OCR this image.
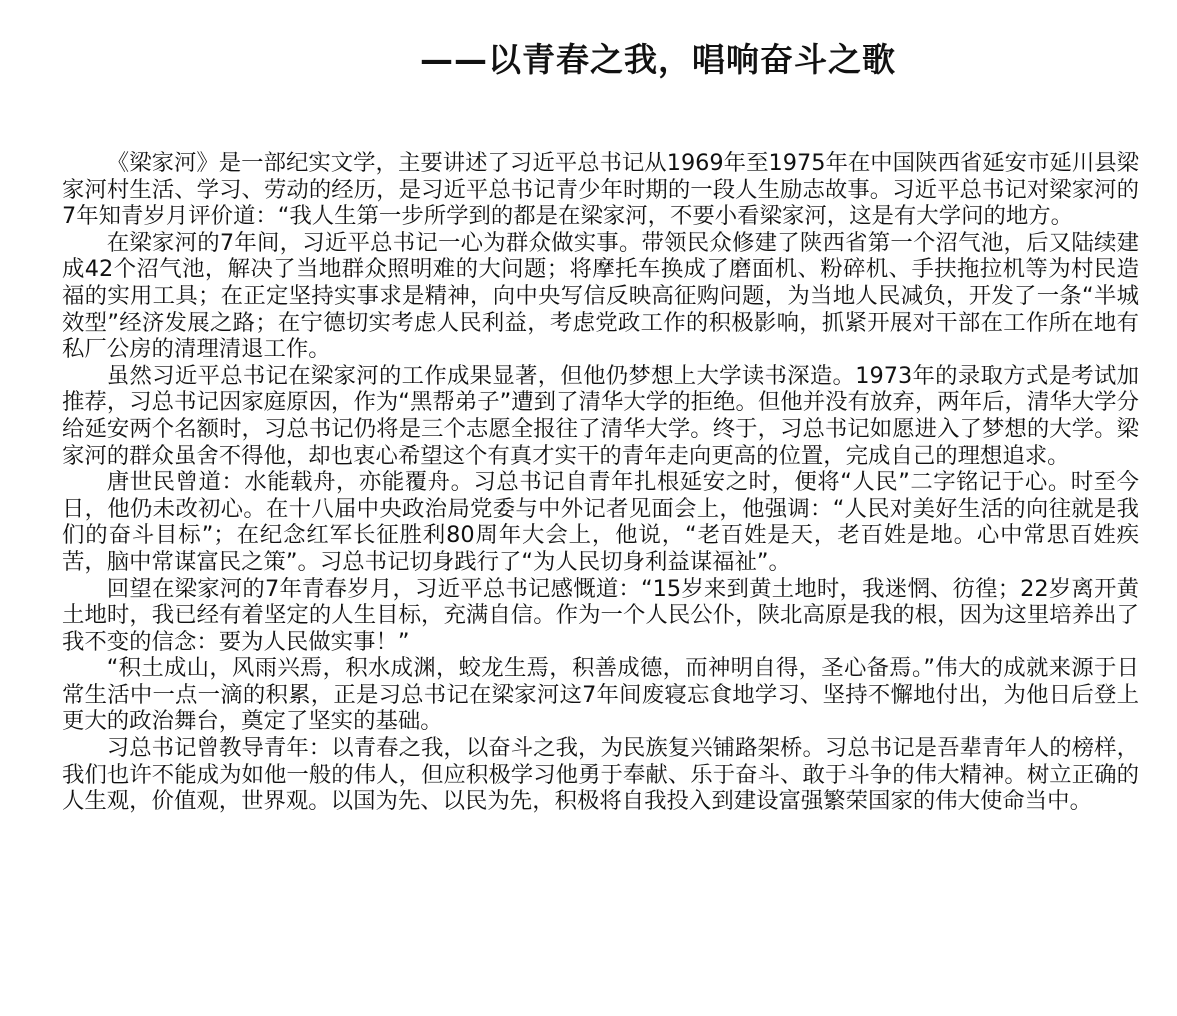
——以青春之我，唱响奋斗之歌

《梁家河》是一部纪实文学，主要讲述了习近平总书记从1969年至1975年在中国陕西省延安市延川县梁家河村生活、学习、劳动的经历，是习近平总书记青少年时期的一段人生励志故事。习近平总书记对梁家河的7年知青岁月评价道：“我人生第一步所学到的都是在梁家河，不要小看梁家河，这是有大学问的地方。

在梁家河的7年间，习近平总书记一心为群众做实事。带领民众修建了陕西省第一个沼气池，后又陆续建成42个沼气池，解决了当地群众照明难的大问题；将摩托车换成了磨面机、粉碎机、手扶拖拉机等为村民造福的实用工具；在正定坚持实事求是精神，向中央写信反映高征购问题，为当地人民减负，开发了一条“半城效型”经济发展之路；在宁德切实考虑人民利益，考虑党政工作的积极影响，抓紧开展对干部在工作所在地有私厂公房的清理清退工作。

虽然习近平总书记在梁家河的工作成果显著，但他仍梦想上大学读书深造。1973年的录取方式是考试加推荐，习总书记因家庭原因，作为“黑帮弟子”遭到了清华大学的拒绝。但他并没有放弃，两年后，清华大学分给延安两个名额时，习总书记仍将是三个志愿全报往了清华大学。终于，习总书记如愿进入了梦想的大学。梁家河的群众虽舍不得他，却也衷心希望这个有真才实干的青年走向更高的位置，完成自己的理想追求。

唐世民曾道：水能载舟，亦能覆舟。习总书记自青年扎根延安之时，便将“人民”二字铭记于心。时至今日，他仍未改初心。在十八届中央政治局党委与中外记者见面会上，他强调：“人民对美好生活的向往就是我们的奋斗目标”；在纪念红军长征胜利80周年大会上，他说，“老百姓是天，老百姓是地。心中常思百姓疾苦，脑中常谋富民之策”。习总书记切身践行了“为人民切身利益谋福祉”。

回望在梁家河的7年青春岁月，习近平总书记感慨道：“15岁来到黄土地时，我迷惘、彷徨；22岁离开黄土地时，我已经有着坚定的人生目标，充满自信。作为一个人民公仆，陕北高原是我的根，因为这里培养出了我不变的信念：要为人民做实事！”

“积土成山，风雨兴焉，积水成渊，蛟龙生焉，积善成德，而神明自得，圣心备焉。”伟大的成就来源于日常生活中一点一滴的积累，正是习总书记在梁家河这7年间废寝忘食地学习、坚持不懈地付出，为他日后登上更大的政治舞台，奠定了坚实的基础。

习总书记曾教导青年：以青春之我，以奋斗之我，为民族复兴铺路架桥。习总书记是吾辈青年人的榜样，我们也许不能成为如他一般的伟人，但应积极学习他勇于奉献、乐于奋斗、敢于斗争的伟大精神。树立正确的人生观，价值观，世界观。以国为先、以民为先，积极将自我投入到建设富强繁荣国家的伟大使命当中。
